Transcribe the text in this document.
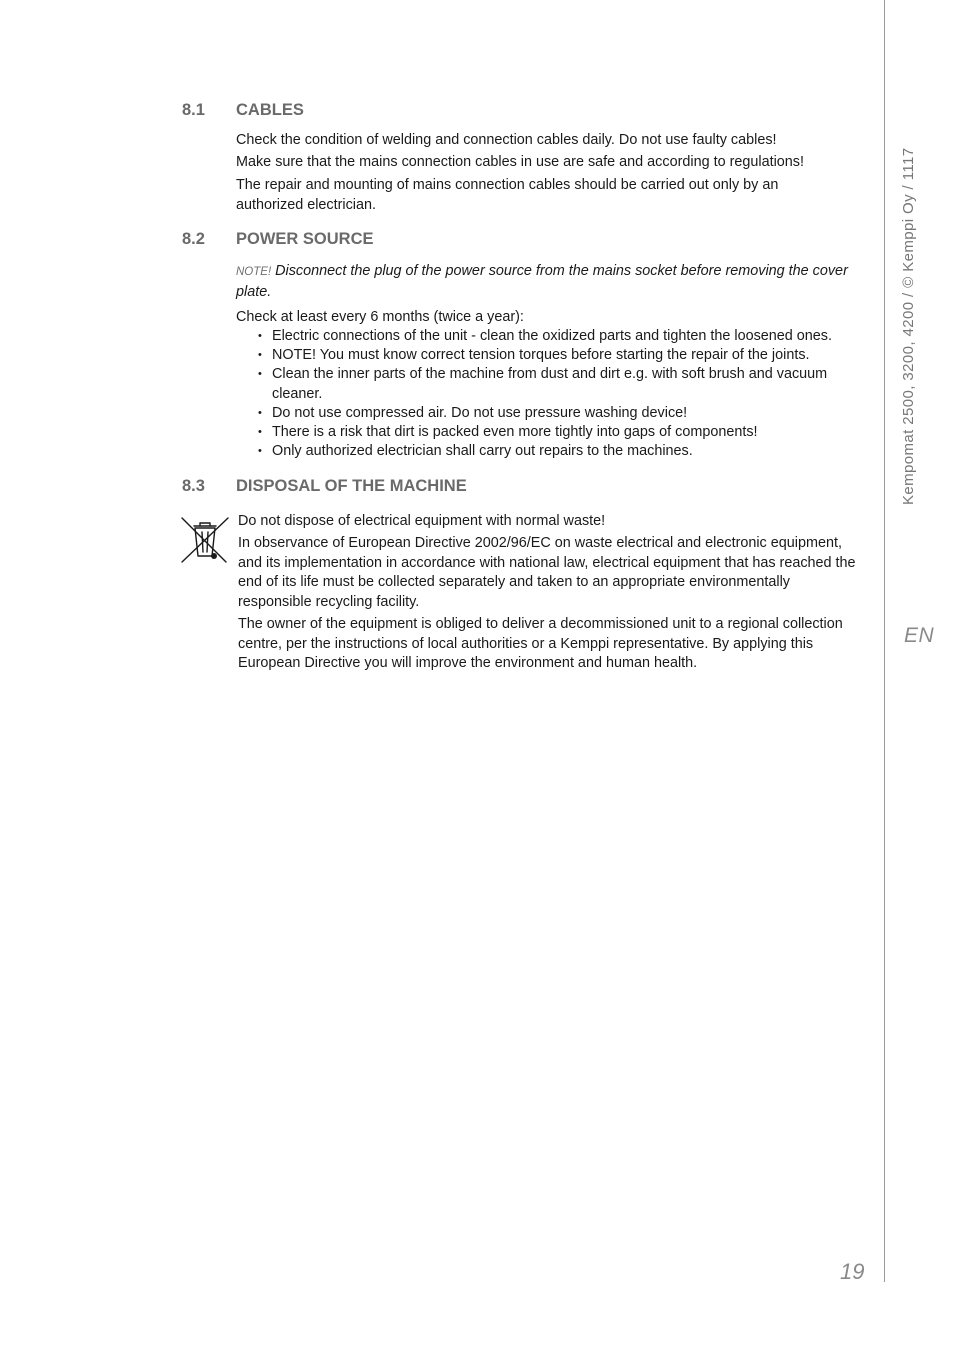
Kempomat 2500, 3200, 4200 / © Kemppi Oy / 1117
EN
19
8.1 CABLES
Check the condition of welding and connection cables daily. Do not use faulty cables!
Make sure that the mains connection cables in use are safe and according to regulations!
The repair and mounting of mains connection cables should be carried out only by an authorized electrician.
8.2 POWER SOURCE
NOTE! Disconnect the plug of the power source from the mains socket before removing the cover plate.
Check at least every 6 months (twice a year):
• Electric connections of the unit - clean the oxidized parts and tighten the loosened ones.
• NOTE! You must know correct tension torques before starting the repair of the joints.
• Clean the inner parts of the machine from dust and dirt e.g. with soft brush and vacuum cleaner.
• Do not use compressed air. Do not use pressure washing device!
• There is a risk that dirt is packed even more tightly into gaps of components!
• Only authorized electrician shall carry out repairs to the machines.
8.3 DISPOSAL OF THE MACHINE
Do not dispose of electrical equipment with normal waste!
In observance of European Directive 2002/96/EC on waste electrical and electronic equipment, and its implementation in accordance with national law, electrical equipment that has reached the end of its life must be collected separately and taken to an appropriate environmentally responsible recycling facility.
The owner of the equipment is obliged to deliver a decommissioned unit to a regional collection centre, per the instructions of local authorities or a Kemppi representative. By applying this European Directive you will improve the environment and human health.
